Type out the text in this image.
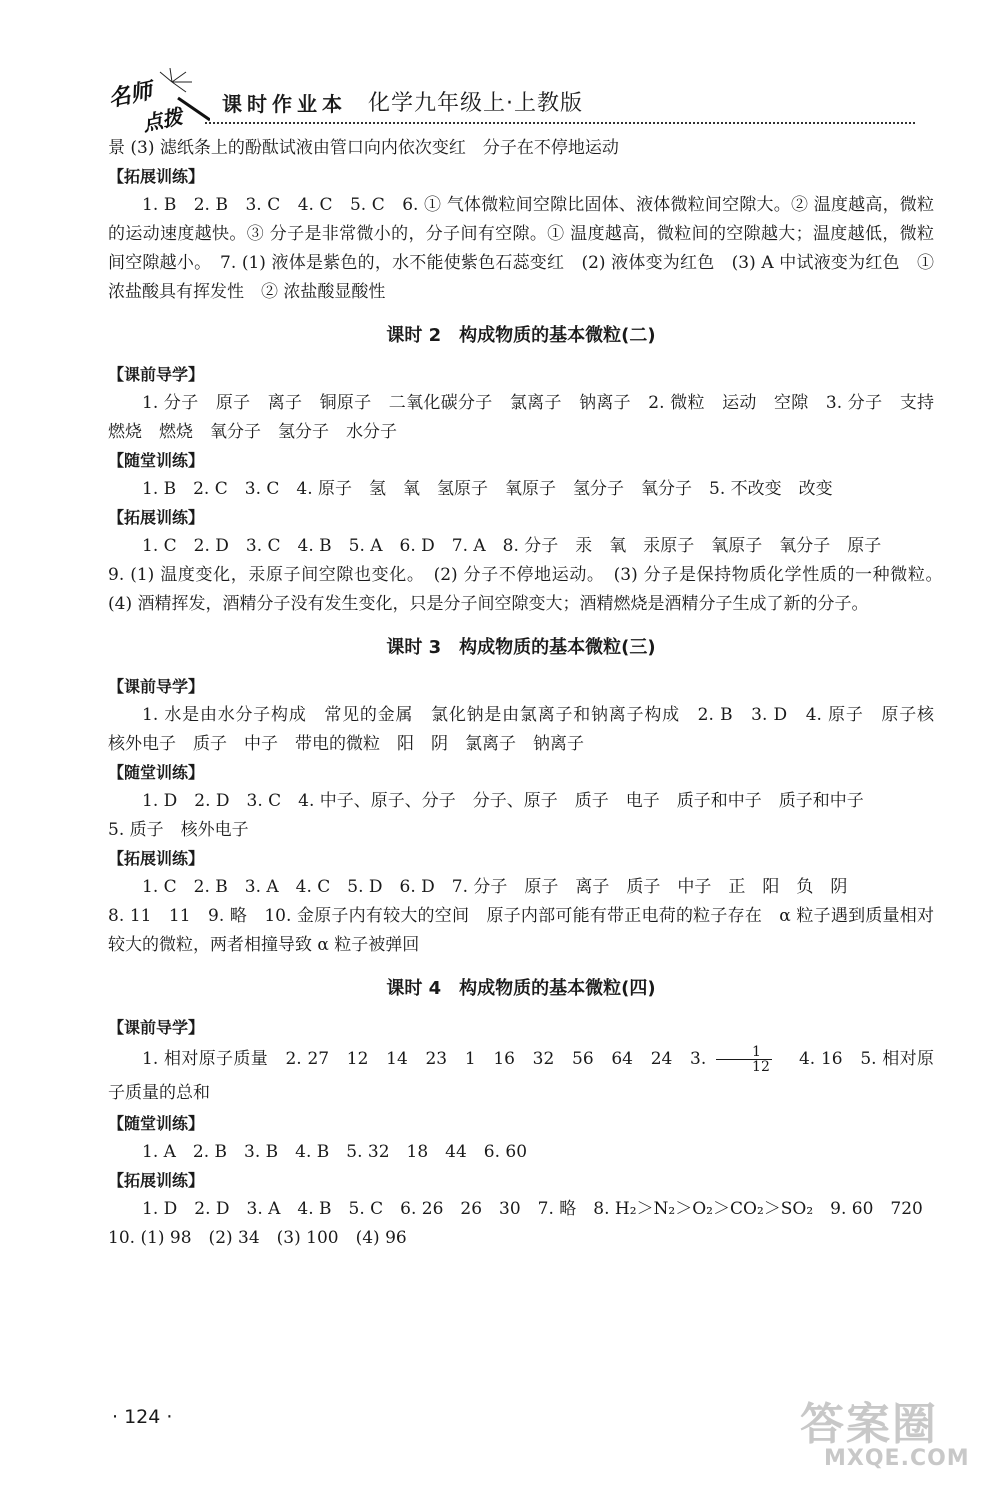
名师
点拨
课时作业本 化学九年级上·上教版

景 (3) 滤纸条上的酚酞试液由管口向内依次变红　分子在不停地运动

【拓展训练】

1. B　2. B　3. C　4. C　5. C　6. ① 气体微粒间空隙比固体、液体微粒间空隙大。② 温度越高，微粒的运动速度越快。③ 分子是非常微小的，分子间有空隙。① 温度越高，微粒间的空隙越大；温度越低，微粒间空隙越小。　7. (1) 液体是紫色的，水不能使紫色石蕊变红　(2) 液体变为红色　(3) A 中试液变为红色　① 浓盐酸具有挥发性　② 浓盐酸显酸性

课时 2　构成物质的基本微粒(二)

【课前导学】

1. 分子　原子　离子　铜原子　二氧化碳分子　氯离子　钠离子　2. 微粒　运动　空隙　3. 分子　支持燃烧　燃烧　氧分子　氢分子　水分子

【随堂训练】

1. B　2. C　3. C　4. 原子　氢　氧　氢原子　氧原子　氢分子　氧分子　5. 不改变　改变

【拓展训练】

1. C　2. D　3. C　4. B　5. A　6. D　7. A　8. 分子　汞　氧　汞原子　氧原子　氧分子　原子

9. (1) 温度变化，汞原子间空隙也变化。　(2) 分子不停地运动。　(3) 分子是保持物质化学性质的一种微粒。　(4) 酒精挥发，酒精分子没有发生变化，只是分子间空隙变大；酒精燃烧是酒精分子生成了新的分子。

课时 3　构成物质的基本微粒(三)

【课前导学】

1. 水是由水分子构成　常见的金属　氯化钠是由氯离子和钠离子构成　2. B　3. D　4. 原子　原子核　核外电子　质子　中子　带电的微粒　阳　阴　氯离子　钠离子

【随堂训练】

1. D　2. D　3. C　4. 中子、原子、分子　分子、原子　质子　电子　质子和中子　质子和中子

5. 质子　核外电子

【拓展训练】

1. C　2. B　3. A　4. C　5. D　6. D　7. 分子　原子　离子　质子　中子　正　阳　负　阴

8. 11　11　9. 略　10. 金原子内有较大的空间　原子内部可能有带正电荷的粒子存在　α 粒子遇到质量相对较大的微粒，两者相撞导致 α 粒子被弹回

课时 4　构成物质的基本微粒(四)

【课前导学】

1. 相对原子质量　2. 27　12　14　23　1　16　32　56　64　24　3. $\frac{1}{12}$ 　4. 16　5. 相对原子质量的总和

【随堂训练】

1. A　2. B　3. B　4. B　5. 32　18　44　6. 60

【拓展训练】

1. D　2. D　3. A　4. B　5. C　6. 26　26　30　7. 略　8. H₂＞N₂＞O₂＞CO₂＞SO₂　9. 60　720

10. (1) 98　(2) 34　(3) 100　(4) 96

· 124 ·	答案圈
MXQE.COM
